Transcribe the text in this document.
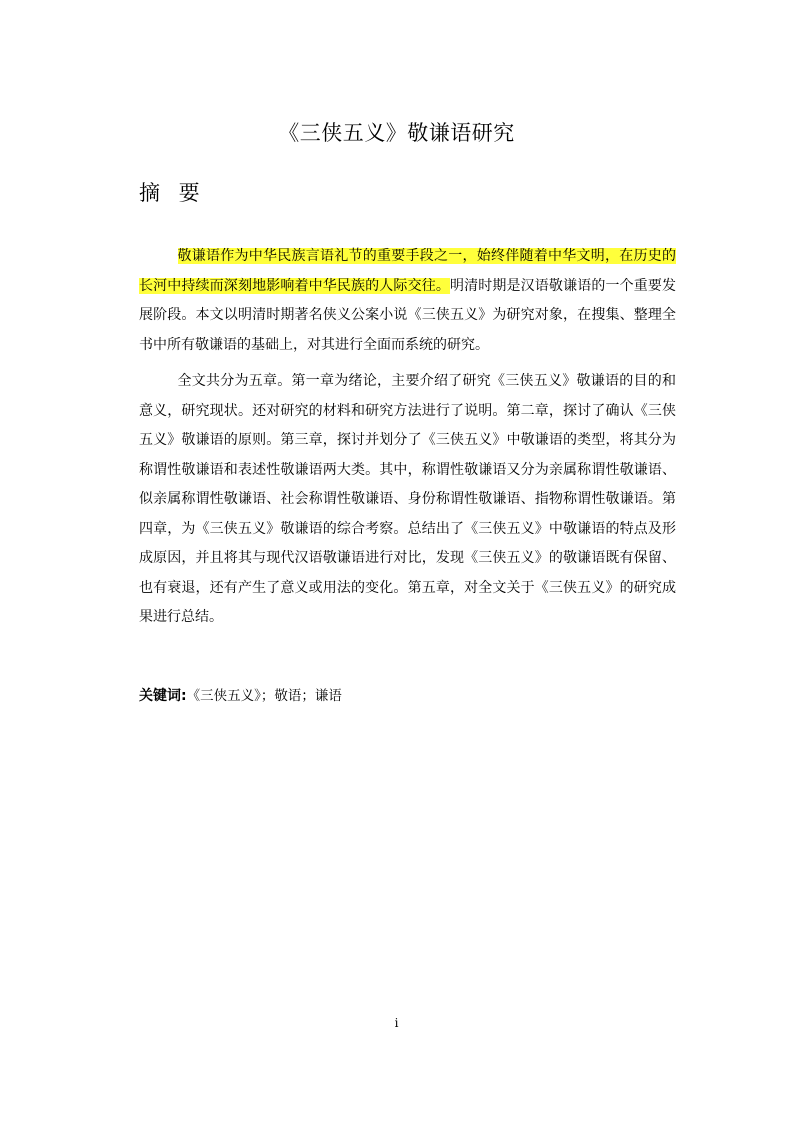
《三侠五义》敬谦语研究
摘 要
敬谦语作为中华民族言语礼节的重要手段之一，始终伴随着中华文明，在历史的长河中持续而深刻地影响着中华民族的人际交往。明清时期是汉语敬谦语的一个重要发展阶段。本文以明清时期著名侠义公案小说《三侠五义》为研究对象，在搜集、整理全书中所有敬谦语的基础上，对其进行全面而系统的研究。
全文共分为五章。第一章为绪论，主要介绍了研究《三侠五义》敬谦语的目的和意义，研究现状。还对研究的材料和研究方法进行了说明。第二章，探讨了确认《三侠五义》敬谦语的原则。第三章，探讨并划分了《三侠五义》中敬谦语的类型，将其分为称谓性敬谦语和表述性敬谦语两大类。其中，称谓性敬谦语又分为亲属称谓性敬谦语、似亲属称谓性敬谦语、社会称谓性敬谦语、身份称谓性敬谦语、指物称谓性敬谦语。第四章，为《三侠五义》敬谦语的综合考察。总结出了《三侠五义》中敬谦语的特点及形成原因，并且将其与现代汉语敬谦语进行对比，发现《三侠五义》的敬谦语既有保留、也有衰退，还有产生了意义或用法的变化。第五章，对全文关于《三侠五义》的研究成果进行总结。
关键词:《三侠五义》；敬语；谦语
i
